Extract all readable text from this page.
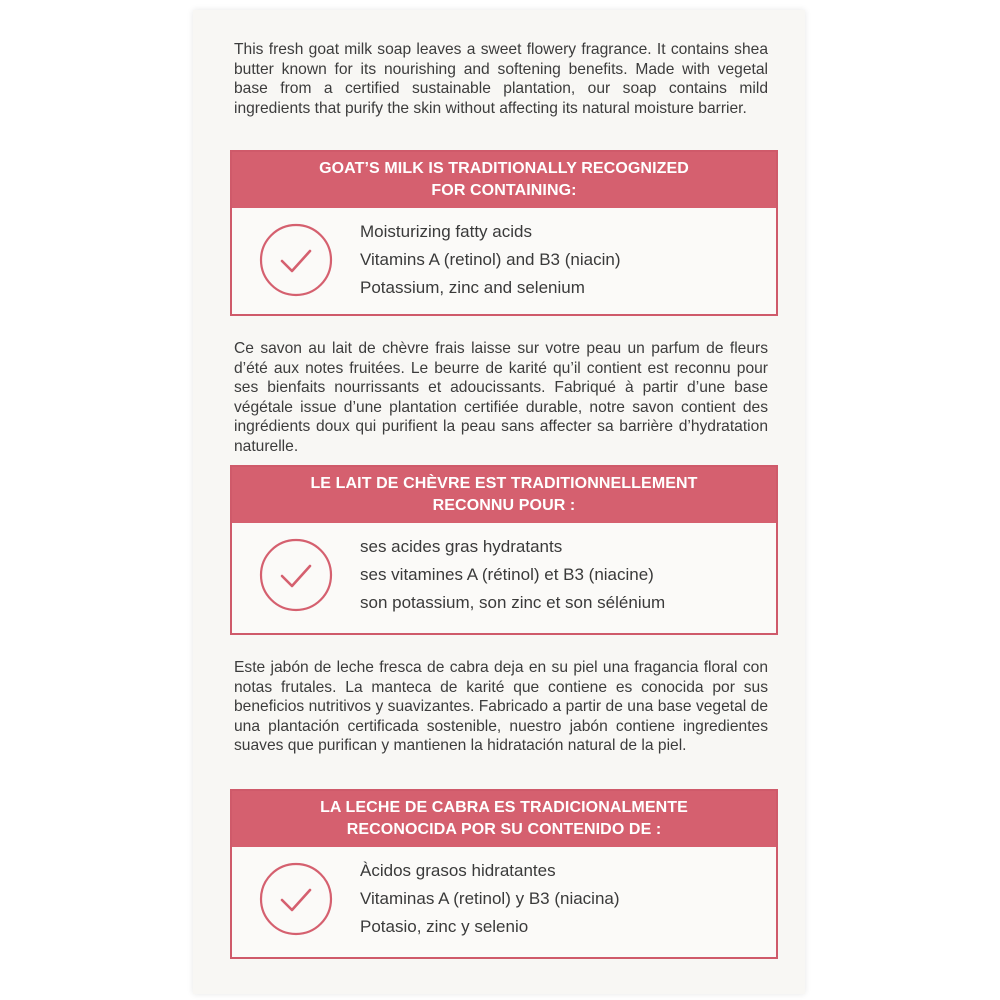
This fresh goat milk soap leaves a sweet flowery fragrance. It contains shea butter known for its nourishing and softening benefits. Made with vegetal base from a certified sustainable plantation, our soap contains mild ingredients that purify the skin without affecting its natural moisture barrier.

GOAT’S MILK IS TRADITIONALLY RECOGNIZED
FOR CONTAINING:
Moisturizing fatty acids
Vitamins A (retinol) and B3 (niacin)
Potassium, zinc and selenium

Ce savon au lait de chèvre frais laisse sur votre peau un parfum de fleurs d’été aux notes fruitées. Le beurre de karité qu’il contient est reconnu pour ses bienfaits nourrissants et adoucissants. Fabriqué à partir d’une base végétale issue d’une plantation certifiée durable, notre savon contient des ingrédients doux qui purifient la peau sans affecter sa barrière d’hydratation naturelle.

LE LAIT DE CHÈVRE EST TRADITIONNELLEMENT
RECONNU POUR :
ses acides gras hydratants
ses vitamines A (rétinol) et B3 (niacine)
son potassium, son zinc et son sélénium

Este jabón de leche fresca de cabra deja en su piel una fragancia floral con notas frutales. La manteca de karité que contiene es conocida por sus beneficios nutritivos y suavizantes. Fabricado a partir de una base vegetal de una plantación certificada sostenible, nuestro jabón contiene ingredientes suaves que purifican y mantienen la hidratación natural de la piel.

LA LECHE DE CABRA ES TRADICIONALMENTE
RECONOCIDA POR SU CONTENIDO DE :
Àcidos grasos hidratantes
Vitaminas A (retinol) y B3 (niacina)
Potasio, zinc y selenio
